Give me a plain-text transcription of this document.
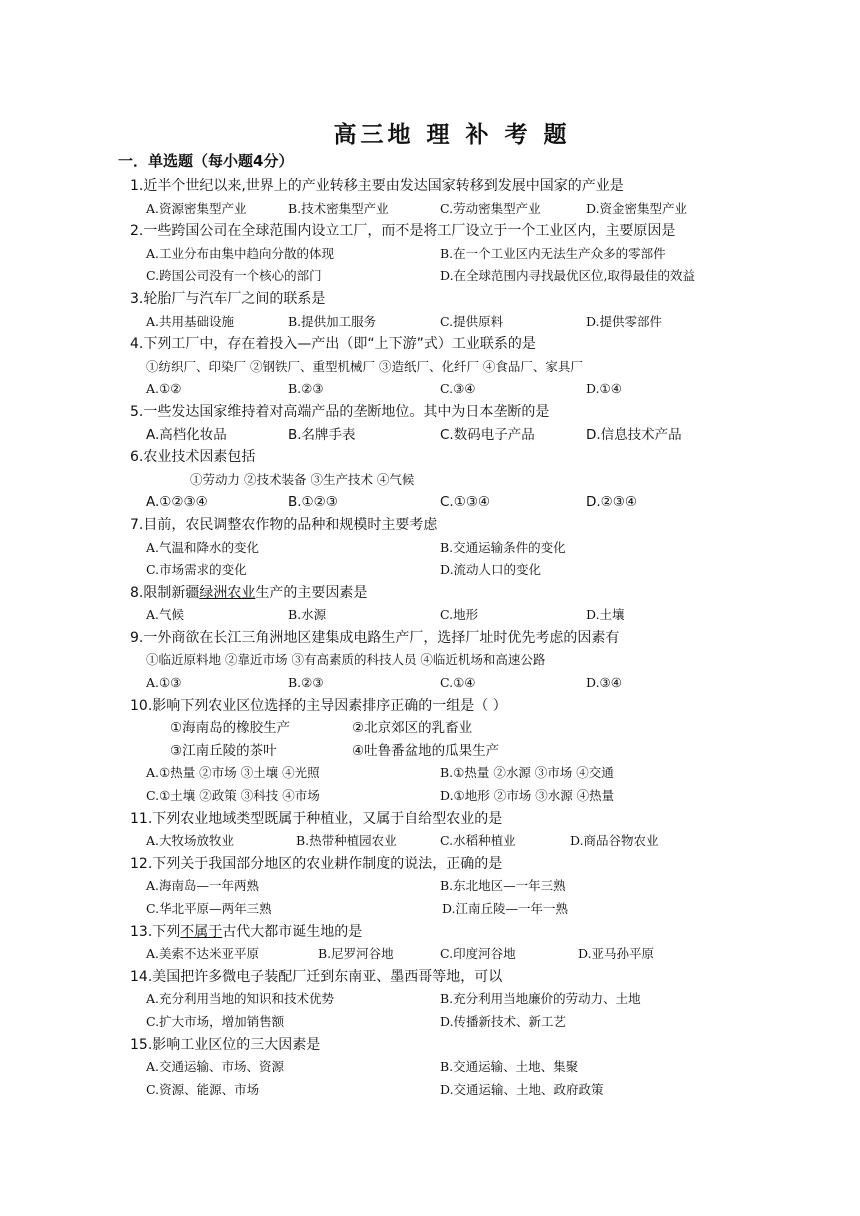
高三地 理 补 考 题
一．单选题（每小题4分）
1.近半个世纪以来,世界上的产业转移主要由发达国家转移到发展中国家的产业是
A.资源密集型产业	B.技术密集型产业	C.劳动密集型产业	D.资金密集型产业
2.一些跨国公司在全球范围内设立工厂，而不是将工厂设立于一个工业区内，主要原因是
A.工业分布由集中趋向分散的体现	B.在一个工业区内无法生产众多的零部件
C.跨国公司没有一个核心的部门	D.在全球范围内寻找最优区位,取得最佳的效益
3.轮胎厂与汽车厂之间的联系是
A.共用基础设施	B.提供加工服务	C.提供原料	D.提供零部件
4.下列工厂中，存在着投入—产出（即“上下游”式）工业联系的是
①纺织厂、印染厂 ②钢铁厂、重型机械厂 ③造纸厂、化纤厂 ④食品厂、家具厂
A.①②	B.②③	C.③④	D.①④
5.一些发达国家维持着对高端产品的垄断地位。其中为日本垄断的是
A.高档化妆品	B.名牌手表	C.数码电子产品	D.信息技术产品
6.农业技术因素包括
①劳动力 ②技术装备 ③生产技术 ④气候
A.①②③④	B.①②③	C.①③④	D.②③④
7.目前，农民调整农作物的品种和规模时主要考虑
A.气温和降水的变化	B.交通运输条件的变化
C.市场需求的变化	D.流动人口的变化
8.限制新疆绿洲农业生产的主要因素是
A.气候	B.水源	C.地形	D.土壤
9.一外商欲在长江三角洲地区建集成电路生产厂，选择厂址时优先考虑的因素有
①临近原料地 ②靠近市场 ③有高素质的科技人员 ④临近机场和高速公路
A.①③	B.②③	C.①④	D.③④
10.影响下列农业区位选择的主导因素排序正确的一组是（ ）
①海南岛的橡胶生产	②北京郊区的乳畜业
③江南丘陵的茶叶	④吐鲁番盆地的瓜果生产
A.①热量 ②市场 ③土壤 ④光照	B.①热量 ②水源 ③市场 ④交通
C.①土壤 ②政策 ③科技 ④市场	D.①地形 ②市场 ③水源 ④热量
11.下列农业地域类型既属于种植业，又属于自给型农业的是
A.大牧场放牧业	B.热带种植园农业	C.水稻种植业	D.商品谷物农业
12.下列关于我国部分地区的农业耕作制度的说法，正确的是
A.海南岛—一年两熟	B.东北地区—一年三熟
C.华北平原—两年三熟	D.江南丘陵—一年一熟
13.下列不属于古代大都市诞生地的是
A.美索不达米亚平原	B.尼罗河谷地	C.印度河谷地	D.亚马孙平原
14.美国把许多微电子装配厂迁到东南亚、墨西哥等地，可以
A.充分利用当地的知识和技术优势	B.充分利用当地廉价的劳动力、土地
C.扩大市场，增加销售额	D.传播新技术、新工艺
15.影响工业区位的三大因素是
A.交通运输、市场、资源	B.交通运输、土地、集聚
C.资源、能源、市场	D.交通运输、土地、政府政策
